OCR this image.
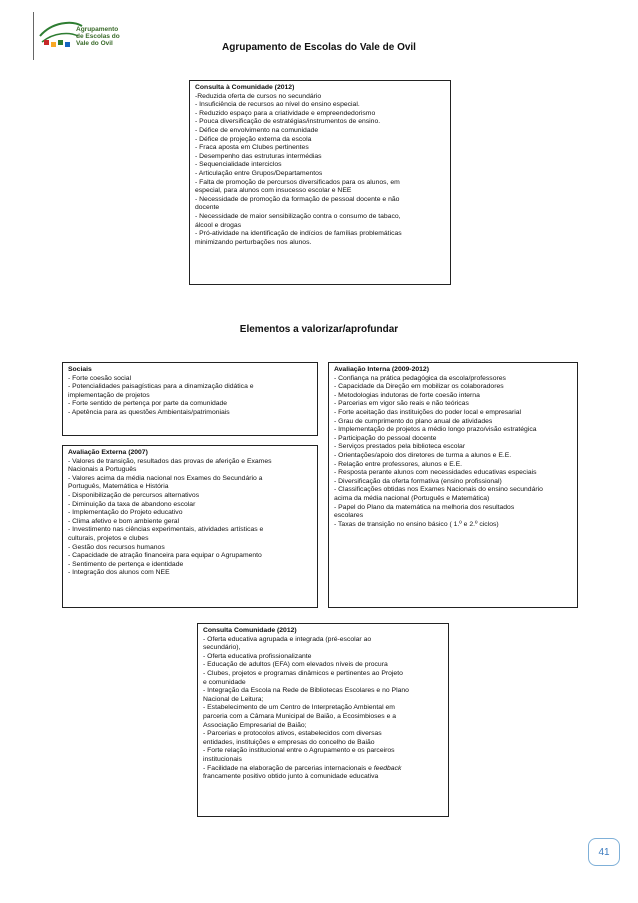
Agrupamento
de Escolas do
Vale do Ovil	Agrupamento de Escolas do Vale de Ovil
Consulta à Comunidade (2012)
-Reduzida oferta de cursos no secundário
- Insuficiência de recursos ao nível do ensino especial.
- Reduzido espaço para a criatividade e empreendedorismo
- Pouca diversificação de estratégias/instrumentos de ensino.
- Défice de envolvimento na comunidade
- Défice de projeção externa da escola
- Fraca aposta em Clubes pertinentes
- Desempenho das estruturas intermédias
- Sequencialidade interciclos
- Articulação entre Grupos/Departamentos
- Falta de promoção de percursos diversificados para os alunos, em
especial, para alunos com insucesso escolar e NEE
- Necessidade de promoção da formação de pessoal docente e não
docente
- Necessidade de maior sensibilização contra o consumo de tabaco,
álcool e drogas
- Pró-atividade na identificação de indícios de famílias problemáticas
minimizando perturbações nos alunos.
Elementos a valorizar/aprofundar
Sociais
- Forte coesão social
- Potencialidades paisagísticas para a dinamização didática e
implementação de projetos
- Forte sentido de pertença por parte da comunidade
- Apetência para as questões Ambientais/patrimoniais
Avaliação Externa (2007)
- Valores de transição, resultados das provas de aferição e Exames
Nacionais a Português
- Valores acima da média nacional nos Exames do Secundário a
Português, Matemática e História
- Disponibilização de percursos alternativos
- Diminuição da taxa de abandono escolar
- Implementação do Projeto educativo
- Clima afetivo e bom ambiente geral
- Investimento nas ciências experimentais, atividades artísticas e
culturais, projetos e clubes
- Gestão dos recursos humanos
- Capacidade de atração financeira para equipar o Agrupamento
- Sentimento de pertença e identidade
- Integração dos alunos com NEE
Avaliação Interna (2009-2012)
- Confiança na prática pedagógica da escola/professores
- Capacidade da Direção em mobilizar os colaboradores
- Metodologias indutoras de forte coesão interna
- Parcerias em vigor são reais e não teóricas
- Forte aceitação das instituições do poder local e empresarial
- Grau de cumprimento do plano anual de atividades
- Implementação de projetos a médio longo prazo/visão estratégica
- Participação do pessoal docente
- Serviços prestados pela biblioteca escolar
- Orientações/apoio dos diretores de turma a alunos e E.E.
- Relação entre professores, alunos e E.E.
- Resposta perante alunos com necessidades educativas especiais
- Diversificação da oferta formativa (ensino profissional)
- Classificações obtidas nos Exames Nacionais do ensino secundário
acima da média nacional (Português e Matemática)
- Papel do Plano da matemática na melhoria dos resultados
escolares
- Taxas de transição no ensino básico ( 1.º e 2.º ciclos)
Consulta Comunidade (2012)
- Oferta educativa agrupada e integrada (pré-escolar ao
secundário),
- Oferta educativa profissionalizante
- Educação de adultos (EFA) com elevados níveis de procura
- Clubes, projetos e programas dinâmicos e pertinentes ao Projeto
e comunidade
- Integração da Escola na Rede de Bibliotecas Escolares e no Plano
Nacional de Leitura;
- Estabelecimento de um Centro de Interpretação Ambiental em
parceria com a Câmara Municipal de Baião, a Ecosimbioses e a
Associação Empresarial de Baião;
- Parcerias e protocolos ativos, estabelecidos com diversas
entidades, instituições e empresas do concelho de Baião
- Forte relação institucional entre o Agrupamento e os parceiros
institucionais
- Facilidade na elaboração de parcerias internacionais e feedback
francamente positivo obtido junto à comunidade educativa
41
